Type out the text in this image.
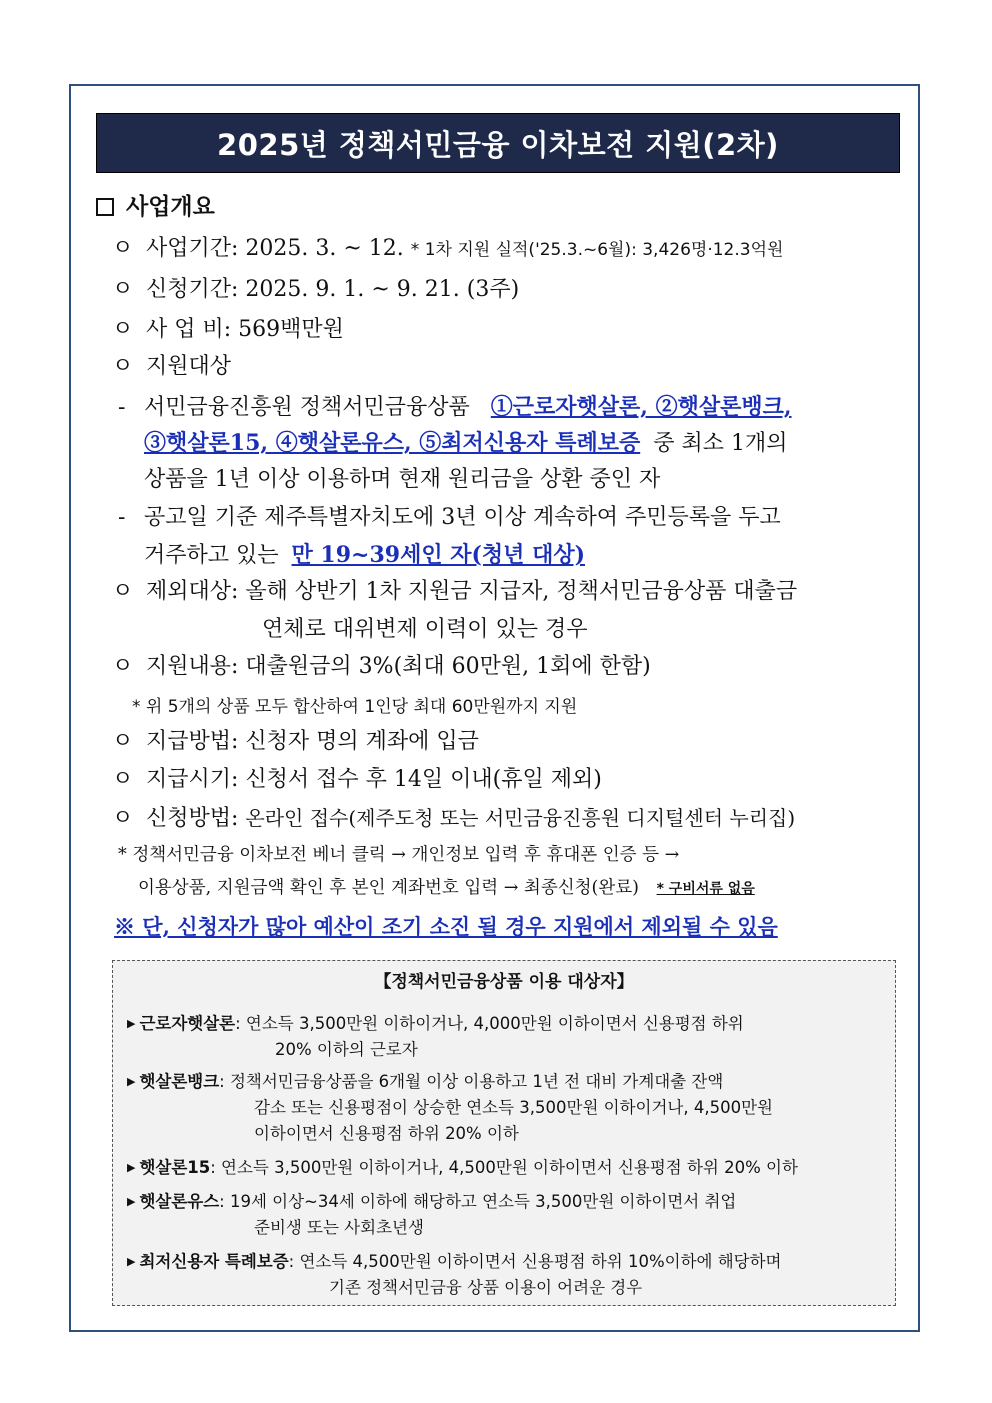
2025년 정책서민금융 이차보전 지원(2차)
사업개요
ㅇ 사업기간: 2025. 3. ~ 12. * 1차 지원 실적('25.3.~6월): 3,426명·12.3억원
ㅇ 신청기간: 2025. 9. 1. ~ 9. 21. (3주)
ㅇ 사 업 비: 569백만원
ㅇ 지원대상
- 서민금융진흥원 정책서민금융상품 ①근로자햇살론, ②햇살론뱅크,
③햇살론15, ④햇살론유스, ⑤최저신용자 특례보증 중 최소 1개의
상품을 1년 이상 이용하며 현재 원리금을 상환 중인 자
- 공고일 기준 제주특별자치도에 3년 이상 계속하여 주민등록을 두고
거주하고 있는 만 19~39세인 자(청년 대상)
ㅇ 제외대상: 올해 상반기 1차 지원금 지급자, 정책서민금융상품 대출금
연체로 대위변제 이력이 있는 경우
ㅇ 지원내용: 대출원금의 3%(최대 60만원, 1회에 한함)
* 위 5개의 상품 모두 합산하여 1인당 최대 60만원까지 지원
ㅇ 지급방법: 신청자 명의 계좌에 입금
ㅇ 지급시기: 신청서 접수 후 14일 이내(휴일 제외)
ㅇ 신청방법: 온라인 접수(제주도청 또는 서민금융진흥원 디지털센터 누리집)
* 정책서민금융 이차보전 베너 클릭 → 개인정보 입력 후 휴대폰 인증 등 →
이용상품, 지원금액 확인 후 본인 계좌번호 입력 → 최종신청(완료) * 구비서류 없음
※ 단, 신청자가 많아 예산이 조기 소진 될 경우 지원에서 제외될 수 있음
【정책서민금융상품 이용 대상자】
▶ 근로자햇살론: 연소득 3,500만원 이하이거나, 4,000만원 이하이면서 신용평점 하위
20% 이하의 근로자
▶ 햇살론뱅크: 정책서민금융상품을 6개월 이상 이용하고 1년 전 대비 가계대출 잔액
감소 또는 신용평점이 상승한 연소득 3,500만원 이하이거나, 4,500만원
이하이면서 신용평점 하위 20% 이하
▶ 햇살론15: 연소득 3,500만원 이하이거나, 4,500만원 이하이면서 신용평점 하위 20% 이하
▶ 햇살론유스: 19세 이상~34세 이하에 해당하고 연소득 3,500만원 이하이면서 취업
준비생 또는 사회초년생
▶ 최저신용자 특례보증: 연소득 4,500만원 이하이면서 신용평점 하위 10%이하에 해당하며
기존 정책서민금융 상품 이용이 어려운 경우
